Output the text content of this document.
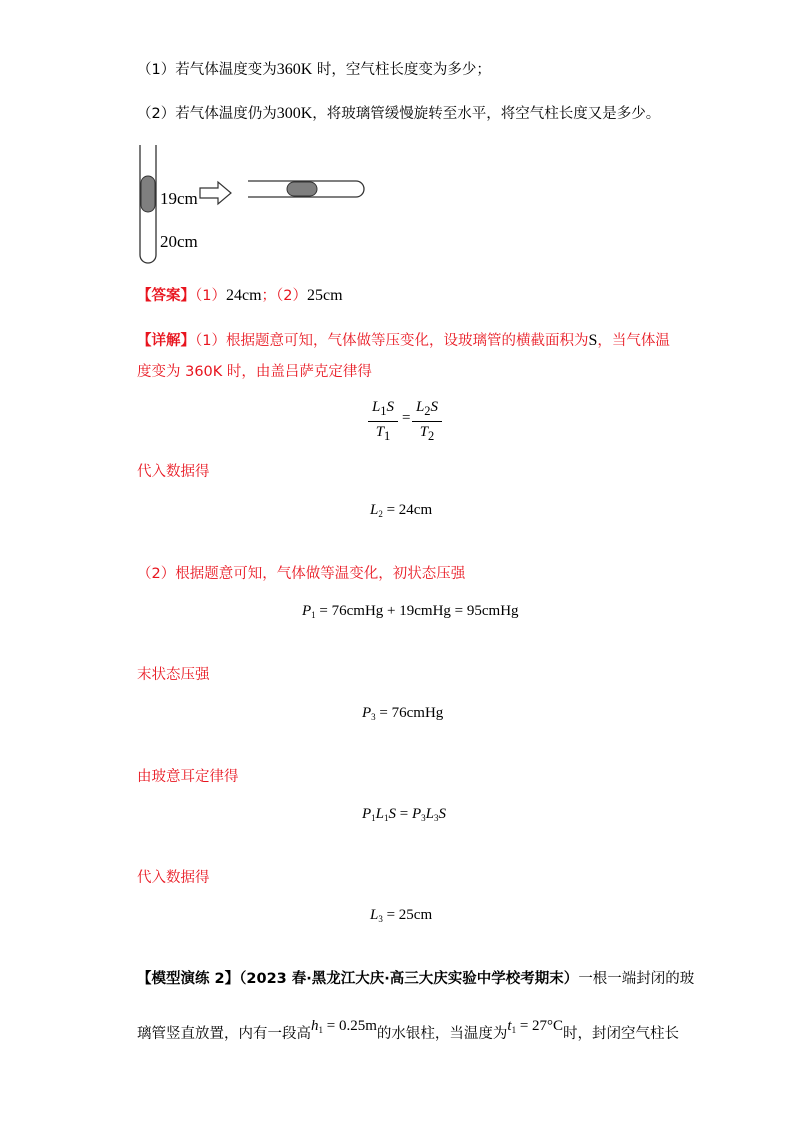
（1）若气体温度变为360K 时，空气柱长度变为多少；
（2）若气体温度仍为300K，将玻璃管缓慢旋转至水平，将空气柱长度又是多少。
19cm
20cm
【答案】（1）24cm；（2）25cm
【详解】（1）根据题意可知，气体做等压变化，设玻璃管的横截面积为S，当气体温
度变为 360K 时，由盖吕萨克定律得
$L_1S$
$T_1$
=
$L_2S$
$T_2$
代入数据得
$L_2 = 24cm$
（2）根据题意可知，气体做等温变化，初状态压强
$P_1$ = 76cmHg + 19cmHg = 95cmHg
末状态压强
$P_3$ = 76cmHg
由玻意耳定律得
$P_1L_1S = P_3L_3S$
代入数据得
$L_3 = 25cm$
【模型演练 2】（2023 春·黑龙江大庆·高三大庆实验中学校考期末）一根一端封闭的玻
璃管竖直放置，内有一段高$h_1 = 0.25m$的水银柱，当温度为$t_1 = 27^\circ C$时，封闭空气柱长
